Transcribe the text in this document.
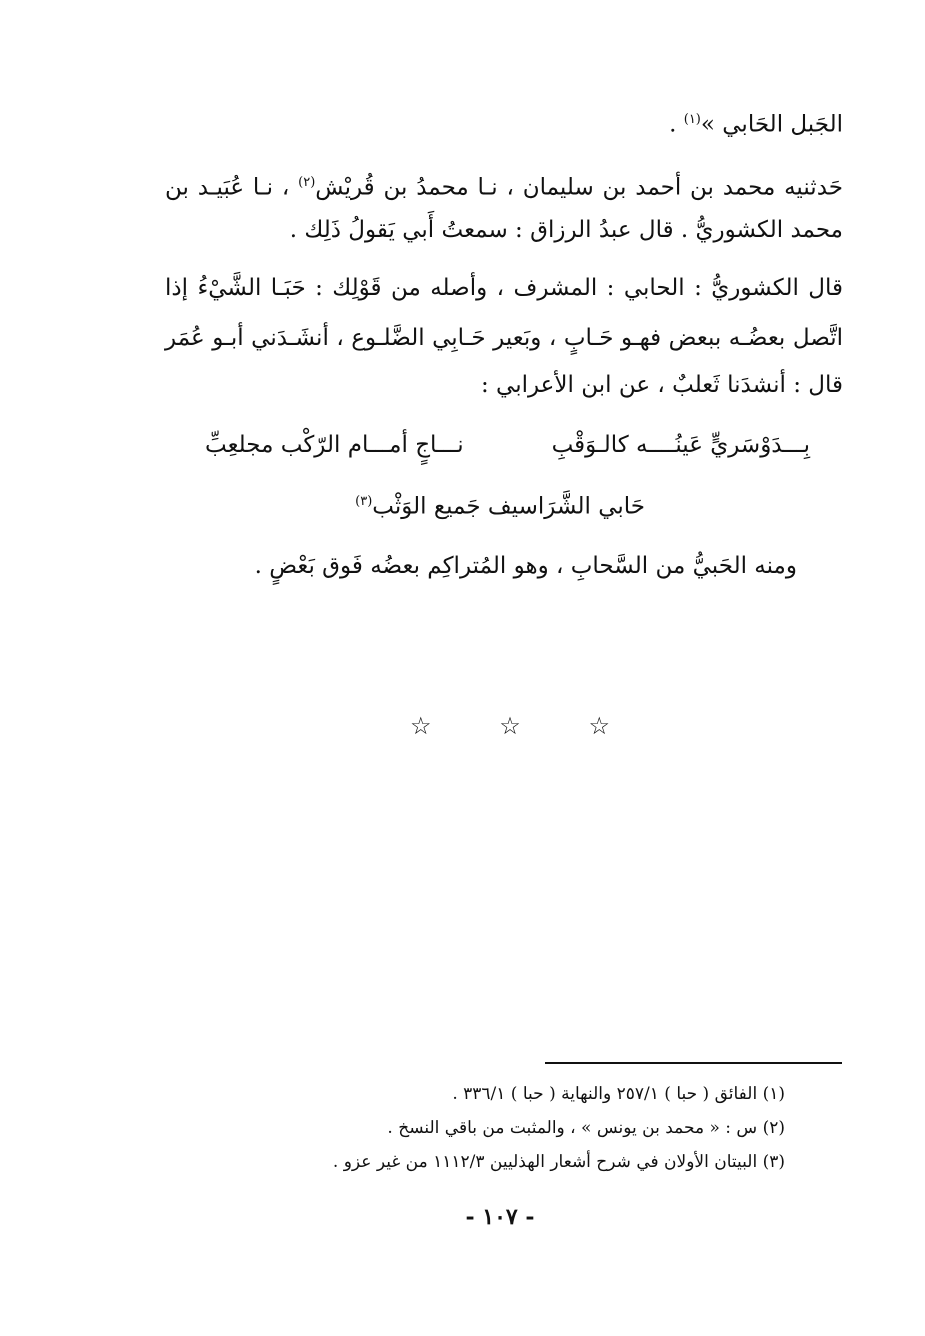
الجَبل الحَابي »$^{(١)}$ .
حَدثنيه محمد بن أحمد بن سليمان ، نـا محمدُ بن قُريْش$^{(٢)}$ ، نـا عُبَيـد بن
محمد الكشوريُّ . قال عبدُ الرزاق : سمعتُ أَبي يَقولُ ذَلِك .
قال الكشوريُّ : الحابي : المشرف ، وأصله من قَوْلِك : حَبَـا الشَّيْءُ إذا
اتَّصل بعضُـه ببعض فهـو حَـابٍ ، وبَعير حَـابِي الضَّلـوع ، أنشَـدَني أبـو عُمَر
قال : أنشدَنا ثَعلبٌ ، عن ابن الأعرابي :
بِـــدَوْسَريٍّ عَينُــــه كالـوَقْبِ
نـــاجٍ أمـــام الرّكْب مجلعِبِّ
حَابي الشَّرَاسيف جَميع الوَثْب$^{(٣)}$
ومنه الحَبيُّ من السَّحابِ ، وهو المُتراكِم بعضُه فَوق بَعْضٍ .
☆	☆	☆
(١) الفائق ( حبا ) ٢٥٧/١ والنهاية ( حبا ) ٣٣٦/١ .
(٢) س : « محمد بن يونس » ، والمثبت من باقي النسخ .
(٣) البيتان الأولان في شرح أشعار الهذليين ١١١٢/٣ من غير عزو .
- ١٠٧ -
